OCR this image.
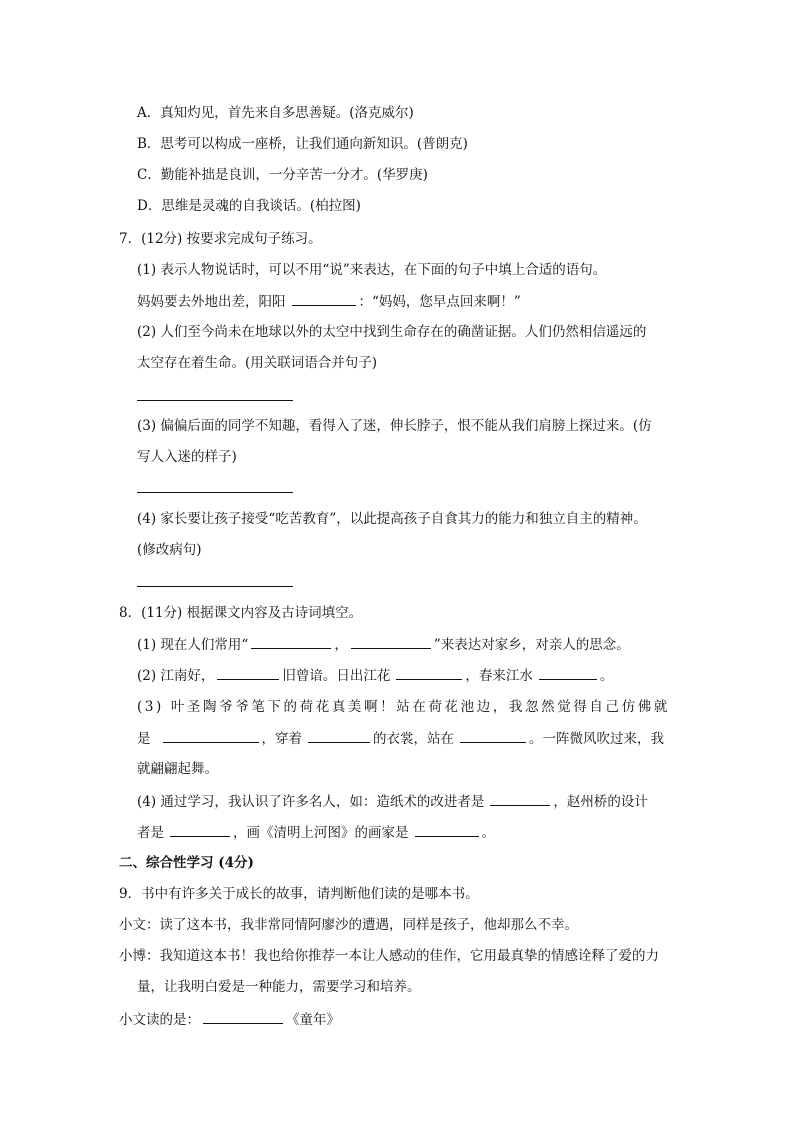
A．真知灼见，首先来自多思善疑。(洛克威尔)
B．思考可以构成一座桥，让我们通向新知识。(普朗克)
C．勤能补拙是良训，一分辛苦一分才。(华罗庚)
D．思维是灵魂的自我谈话。(柏拉图)
7．(12分) 按要求完成句子练习。
(1) 表示人物说话时，可以不用“说”来表达，在下面的句子中填上合适的语句。
妈妈要去外地出差，阳阳	：“妈妈，您早点回来啊！”
(2) 人们至今尚未在地球以外的太空中找到生命存在的确凿证据。人们仍然相信遥远的
太空存在着生命。(用关联词语合并句子)
(3) 偏偏后面的同学不知趣，看得入了迷，伸长脖子，恨不能从我们肩膀上探过来。(仿
写人入迷的样子)
(4) 家长要让孩子接受“吃苦教育”，以此提高孩子自食其力的能力和独立自主的精神。
(修改病句)
8．(11分) 根据课文内容及古诗词填空。
(1) 现在人们常用“	，	”来表达对家乡，对亲人的思念。
(2) 江南好，	旧曾谙。日出江花	，春来江水	。
(3) 叶圣陶爷爷笔下的荷花真美啊！站在荷花池边，我忽然觉得自己仿佛就
是	，穿着	的衣裳，站在	。一阵微风吹过来，我
就翩翩起舞。
(4) 通过学习，我认识了许多名人，如：造纸术的改进者是	，赵州桥的设计
者是	，画《清明上河图》的画家是	。
二、综合性学习 (4分)
9．书中有许多关于成长的故事，请判断他们读的是哪本书。
小文：读了这本书，我非常同情阿廖沙的遭遇，同样是孩子，他却那么不幸。
小博：我知道这本书！我也给你推荐一本让人感动的佳作，它用最真挚的情感诠释了爱的力
量，让我明白爱是一种能力，需要学习和培养。
小文读的是：	《童年》
